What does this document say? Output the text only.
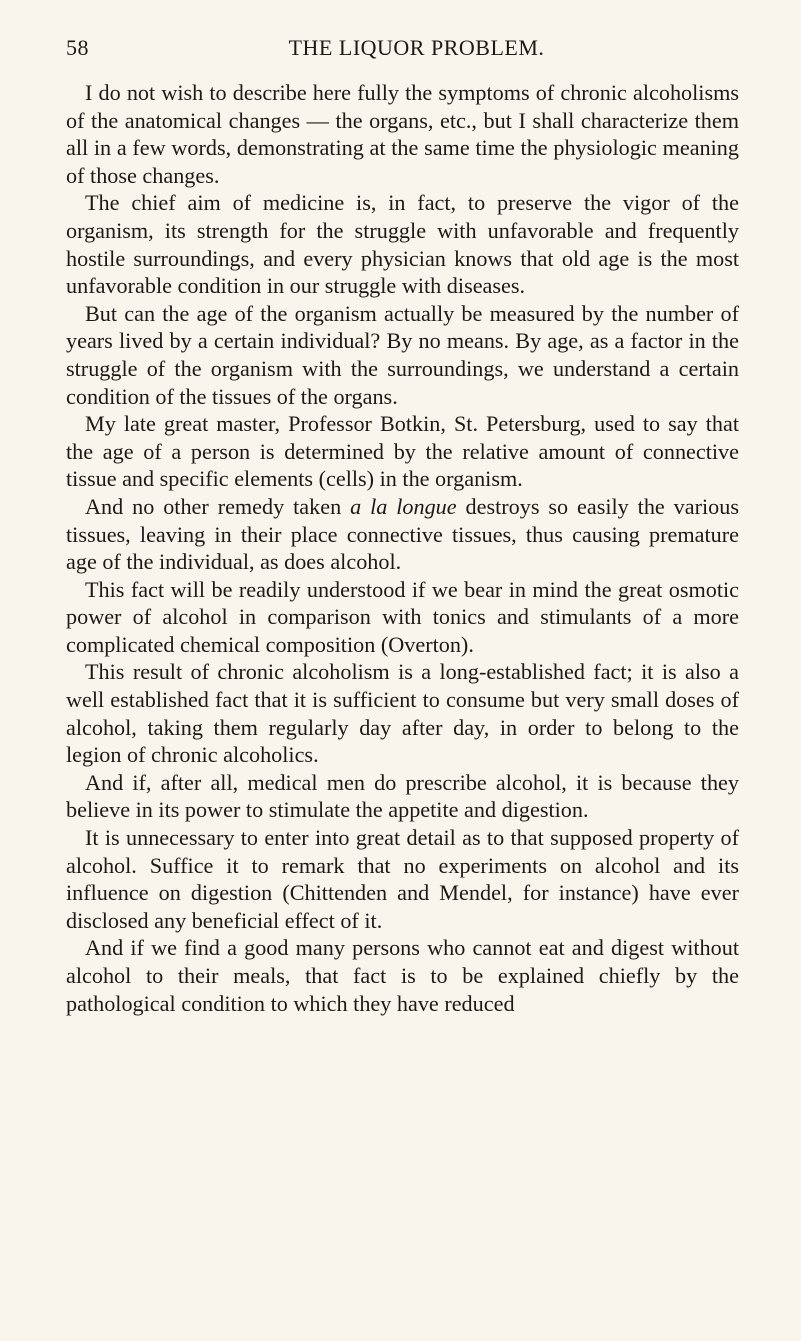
58	THE LIQUOR PROBLEM.

I do not wish to describe here fully the symptoms of chronic alcoholisms of the anatomical changes — the organs, etc., but I shall characterize them all in a few words, demonstrating at the same time the physiologic meaning of those changes.

The chief aim of medicine is, in fact, to preserve the vigor of the organism, its strength for the struggle with unfavorable and frequently hostile surroundings, and every physician knows that old age is the most unfavorable condition in our struggle with diseases.

But can the age of the organism actually be measured by the number of years lived by a certain individual? By no means. By age, as a factor in the struggle of the organism with the surroundings, we understand a certain condition of the tissues of the organs.

My late great master, Professor Botkin, St. Petersburg, used to say that the age of a person is determined by the relative amount of connective tissue and specific elements (cells) in the organism.

And no other remedy taken a la longue destroys so easily the various tissues, leaving in their place connective tissues, thus causing premature age of the individual, as does alcohol.

This fact will be readily understood if we bear in mind the great osmotic power of alcohol in comparison with tonics and stimulants of a more complicated chemical composition (Overton).

This result of chronic alcoholism is a long-established fact; it is also a well established fact that it is sufficient to consume but very small doses of alcohol, taking them regularly day after day, in order to belong to the legion of chronic alcoholics.

And if, after all, medical men do prescribe alcohol, it is because they believe in its power to stimulate the appetite and digestion.

It is unnecessary to enter into great detail as to that supposed property of alcohol. Suffice it to remark that no experiments on alcohol and its influence on digestion (Chittenden and Mendel, for instance) have ever disclosed any beneficial effect of it.

And if we find a good many persons who cannot eat and digest without alcohol to their meals, that fact is to be explained chiefly by the pathological condition to which they have reduced
